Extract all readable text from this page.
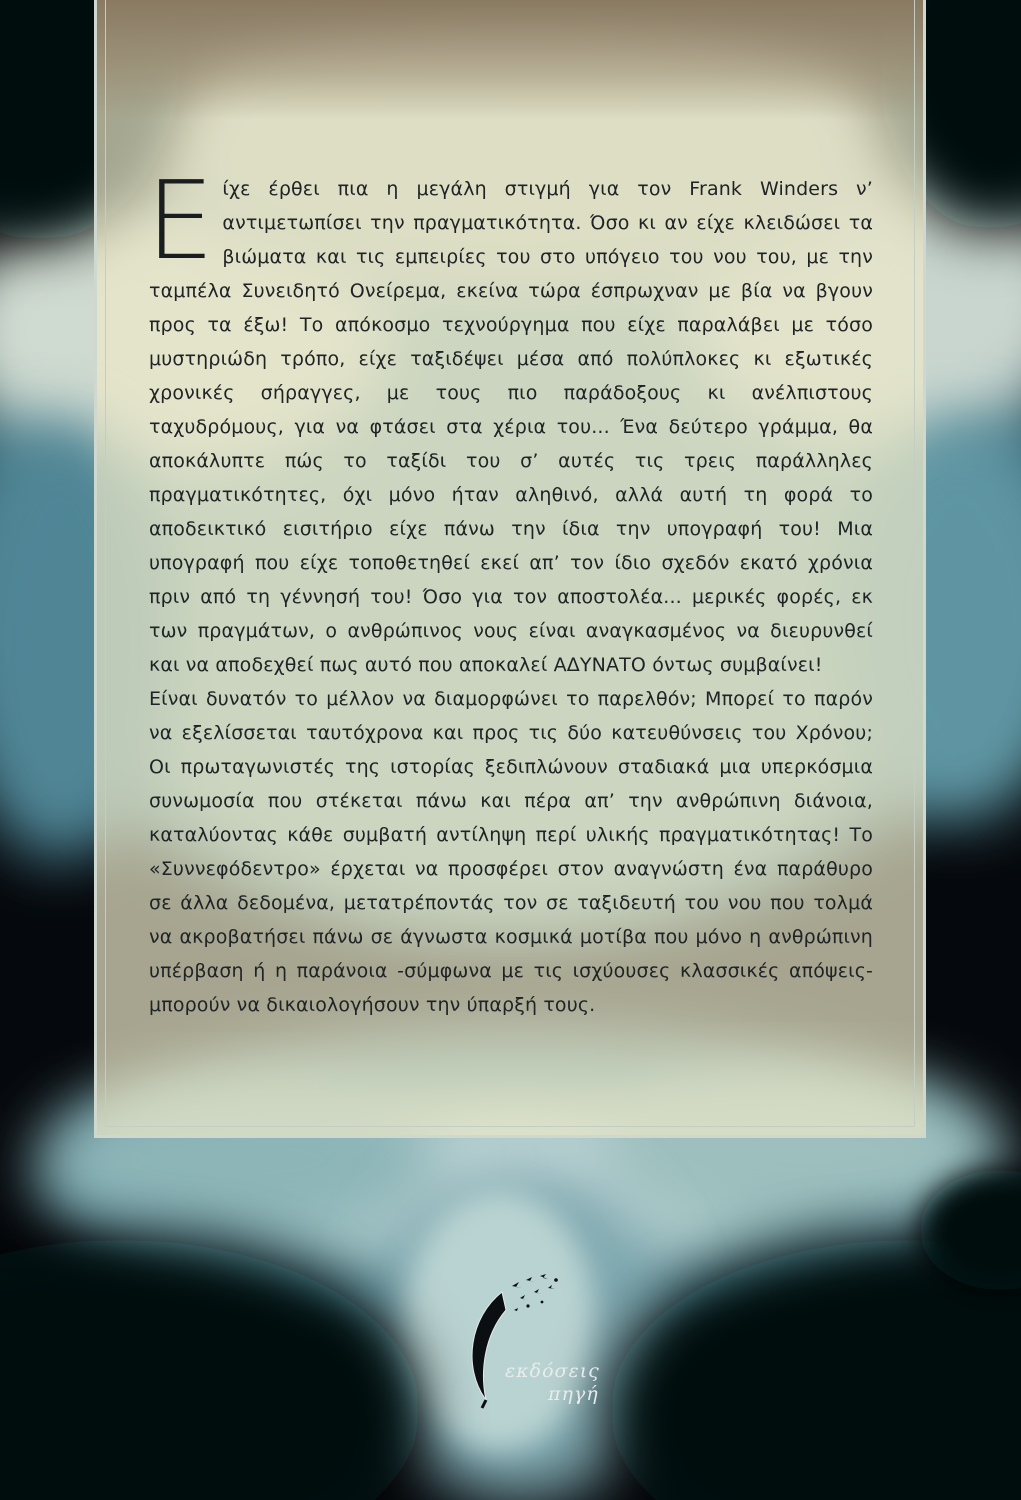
Είχε έρθει πια η μεγάλη στιγμή για τον Frank Winders ν’ αντιμετωπίσει την πραγματικότητα. Όσο κι αν είχε κλειδώσει τα βιώματα και τις εμπειρίες του στο υπόγειο του νου του, με την ταμπέλα Συνειδητό Ονείρεμα, εκείνα τώρα έσπρωχναν με βία να βγουν προς τα έξω! Το απόκοσμο τεχνούργημα που είχε παραλάβει με τόσο μυστηριώδη τρόπο, είχε ταξιδέψει μέσα από πολύπλοκες κι εξωτικές χρονικές σήραγγες, με τους πιο παράδοξους κι ανέλπιστους ταχυδρόμους, για να φτάσει στα χέρια του... Ένα δεύτερο γράμμα, θα αποκάλυπτε πώς το ταξίδι του σ’ αυτές τις τρεις παράλληλες πραγματικότητες, όχι μόνο ήταν αληθινό, αλλά αυτή τη φορά το αποδεικτικό εισιτήριο είχε πάνω την ίδια την υπογραφή του! Μια υπογραφή που είχε τοποθετηθεί εκεί απ’ τον ίδιο σχεδόν εκατό χρόνια πριν από τη γέννησή του! Όσο για τον αποστολέα... μερικές φορές, εκ των πραγμάτων, ο ανθρώπινος νους είναι αναγκασμένος να διευρυνθεί και να αποδεχθεί πως αυτό που αποκαλεί ΑΔΥΝΑΤΟ όντως συμβαίνει!

Είναι δυνατόν το μέλλον να διαμορφώνει το παρελθόν; Μπορεί το παρόν να εξελίσσεται ταυτόχρονα και προς τις δύο κατευθύνσεις του Χρόνου; Οι πρωταγωνιστές της ιστορίας ξεδιπλώνουν σταδιακά μια υπερκόσμια συνωμοσία που στέκεται πάνω και πέρα απ’ την ανθρώπινη διάνοια, καταλύοντας κάθε συμβατή αντίληψη περί υλικής πραγματικότητας! Το «Συννεφόδεντρο» έρχεται να προσφέρει στον αναγνώστη ένα παράθυρο σε άλλα δεδομένα, μετατρέποντάς τον σε ταξιδευτή του νου που τολμά να ακροβατήσει πάνω σε άγνωστα κοσμικά μοτίβα που μόνο η ανθρώπινη υπέρβαση ή η παράνοια -σύμφωνα με τις ισχύουσες κλασσικές απόψεις- μπορούν να δικαιολογήσουν την ύπαρξή τους.

εκδόσεις
πηγή
